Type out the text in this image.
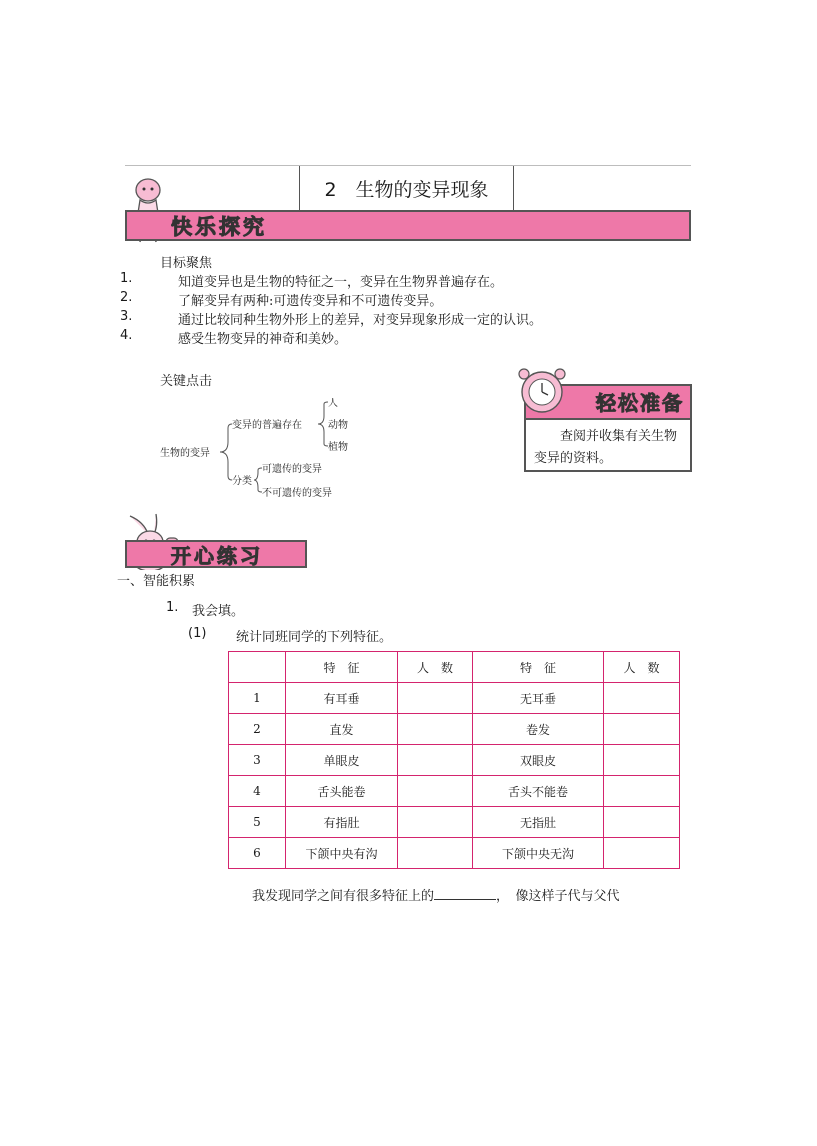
2　生物的变异现象
快乐探究
目标聚焦
1.	知道变异也是生物的特征之一，变异在生物界普遍存在。
2.	了解变异有两种:可遗传变异和不可遗传变异。
3.	通过比较同种生物外形上的差异，对变异现象形成一定的认识。
4.	感受生物变异的神奇和美妙。
关键点击
生物的变异
变异的普遍存在
人
动物
植物
分类
可遗传的变异
不可遗传的变异
轻松准备
查阅并收集有关生物变异的资料。
开心练习
一、智能积累
1. 我会填。
(1) 统计同班同学的下列特征。
	特　征	人　数	特　征	人　数
1	有耳垂		无耳垂	
2	直发		卷发	
3	单眼皮		双眼皮	
4	舌头能卷		舌头不能卷	
5	有指肚		无指肚	
6	下颌中央有沟		下颌中央无沟	
我发现同学之间有很多特征上的	，　像这样子代与父代
